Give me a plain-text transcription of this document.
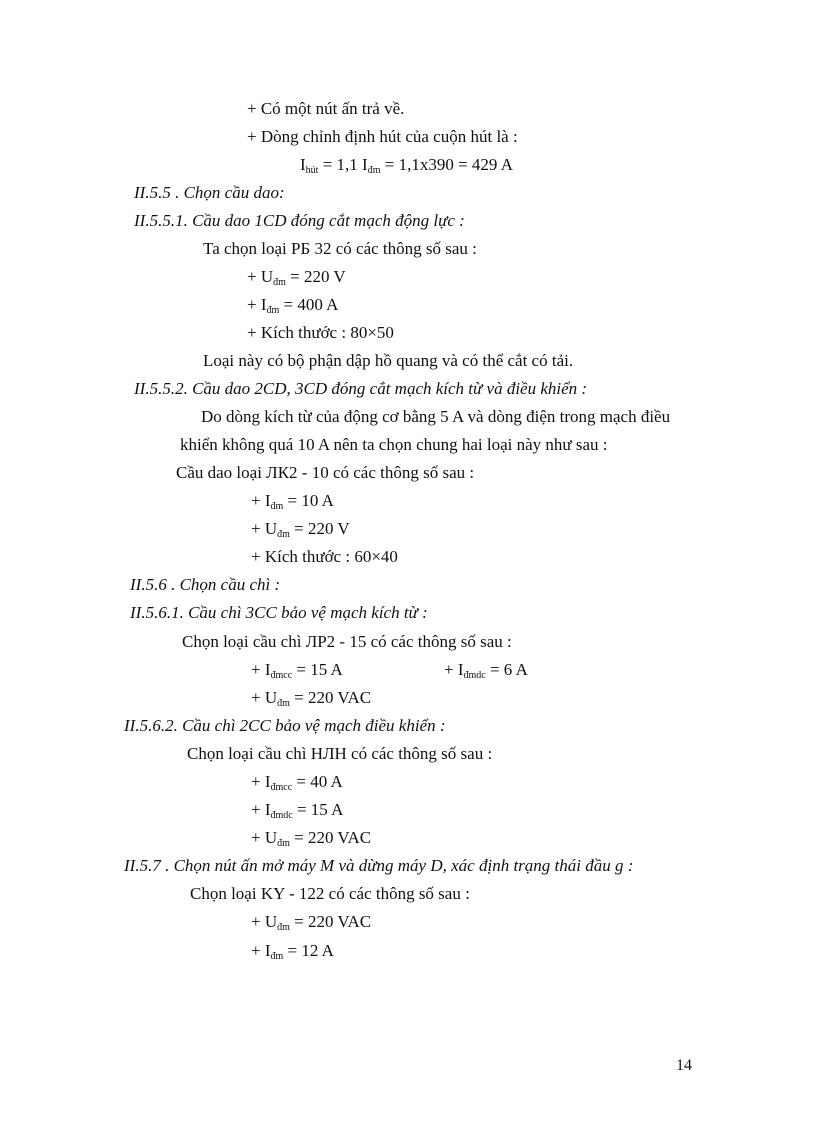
+ Có một nút ấn trả về.
+ Dòng chỉnh định hút của cuộn hút là :
$I_{hút} = 1,1$ $I_{đm} = 1,1x390 = 429$ A
II.5.5 . Chọn cầu dao:
II.5.5.1. Cầu dao 1CD đóng cắt mạch động lực :
Ta chọn loại PБ 32 có các thông số sau :
+ $U_{đm} = 220$ V
+ $I_{đm} = 400$ A
+ Kích thước : 80×50
Loại này có bộ phận dập hồ quang và có thể cắt có tải.
II.5.5.2. Cầu dao 2CD, 3CD đóng cắt mạch kích từ và điều khiển :
Do dòng kích từ của động cơ bằng 5 A và dòng điện trong mạch điều
khiển không quá 10 A nên ta chọn chung hai loại này như sau :
Cầu dao loại ЛК2 - 10 có các thông số sau :
+ $I_{đm} = 10$ A
+ $U_{đm} = 220$ V
+ Kích thước : 60×40
II.5.6 . Chọn cầu chì :
II.5.6.1. Cầu chì 3CC bảo vệ mạch kích từ :
Chọn loại cầu chì ЛР2 - 15 có các thông số sau :
+ $I_{đmcc} = 15$ A	+ $I_{đmdc} = 6$ A
+ $U_{đm} = 220$ VAC
II.5.6.2. Cầu chì 2CC bảo vệ mạch điều khiển :
Chọn loại cầu chì HЛH có các thông số sau :
+ $I_{đmcc} = 40$ A
+ $I_{đmdc} = 15$ A
+ $U_{đm} = 220$ VAC
II.5.7 . Chọn nút ấn mở máy M và dừng máy D, xác định trạng thái đầu g :
Chọn loại KY - 122 có các thông số sau :
+ $U_{đm} = 220$ VAC
+ $I_{đm} = 12$ A
14
